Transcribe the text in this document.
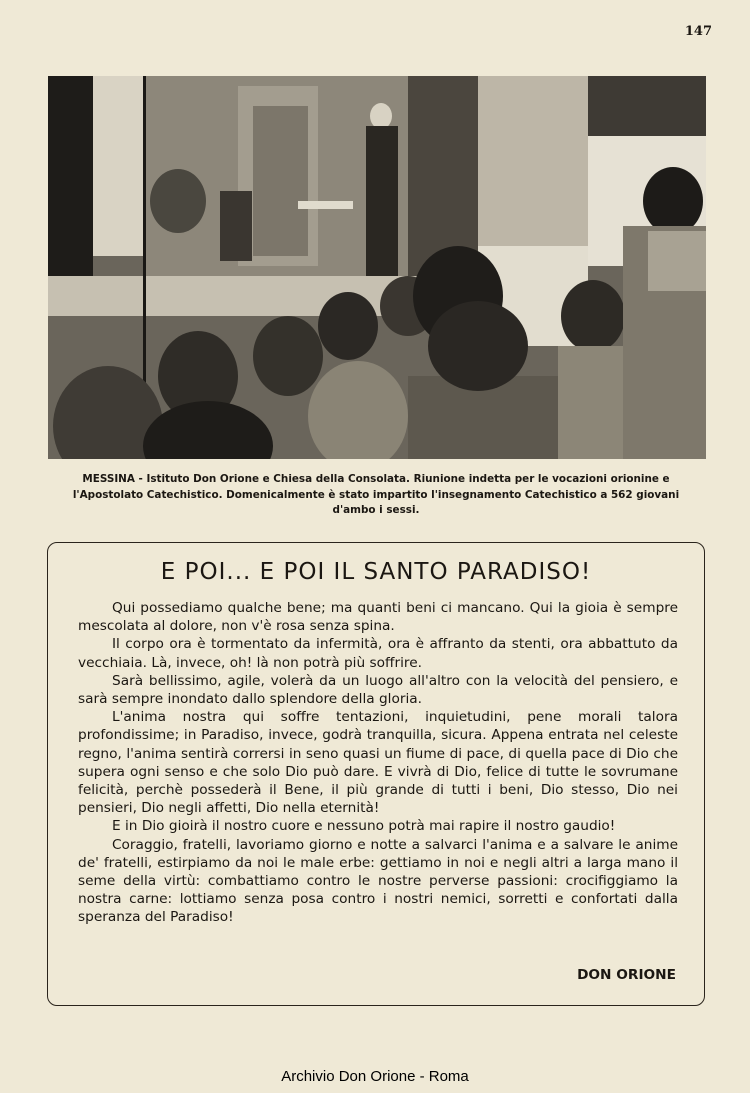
147
MESSINA - Istituto Don Orione e Chiesa della Consolata. Riunione indetta per le vocazioni orionine e l'Apostolato Catechistico. Domenicalmente è stato impartito l'insegnamento Catechistico a 562 giovani d'ambo i sessi.
E POI... E POI IL SANTO PARADISO!

Qui possediamo qualche bene; ma quanti beni ci mancano. Qui la gioia è sempre mescolata al dolore, non v'è rosa senza spina.

Il corpo ora è tormentato da infermità, ora è affranto da stenti, ora abbattuto da vecchiaia. Là, invece, oh! là non potrà più soffrire.

Sarà bellissimo, agile, volerà da un luogo all'altro con la velocità del pensiero, e sarà sempre inondato dallo splendore della gloria.

L'anima nostra qui soffre tentazioni, inquietudini, pene morali talora profondissime; in Paradiso, invece, godrà tranquilla, sicura. Appena entrata nel celeste regno, l'anima sentirà corrersi in seno quasi un fiume di pace, di quella pace di Dio che supera ogni senso e che solo Dio può dare. E vivrà di Dio, felice di tutte le sovrumane felicità, perchè possederà il Bene, il più grande di tutti i beni, Dio stesso, Dio nei pensieri, Dio negli affetti, Dio nella eternità!

E in Dio gioirà il nostro cuore e nessuno potrà mai rapire il nostro gaudio!

Coraggio, fratelli, lavoriamo giorno e notte a salvarci l'anima e a salvare le anime de' fratelli, estirpiamo da noi le male erbe: gettiamo in noi e negli altri a larga mano il seme della virtù: combattiamo contro le nostre perverse passioni: crocifiggiamo la nostra carne: lottiamo senza posa contro i nostri nemici, sorretti e confortati dalla speranza del Paradiso!

DON ORIONE
Archivio Don Orione - Roma
